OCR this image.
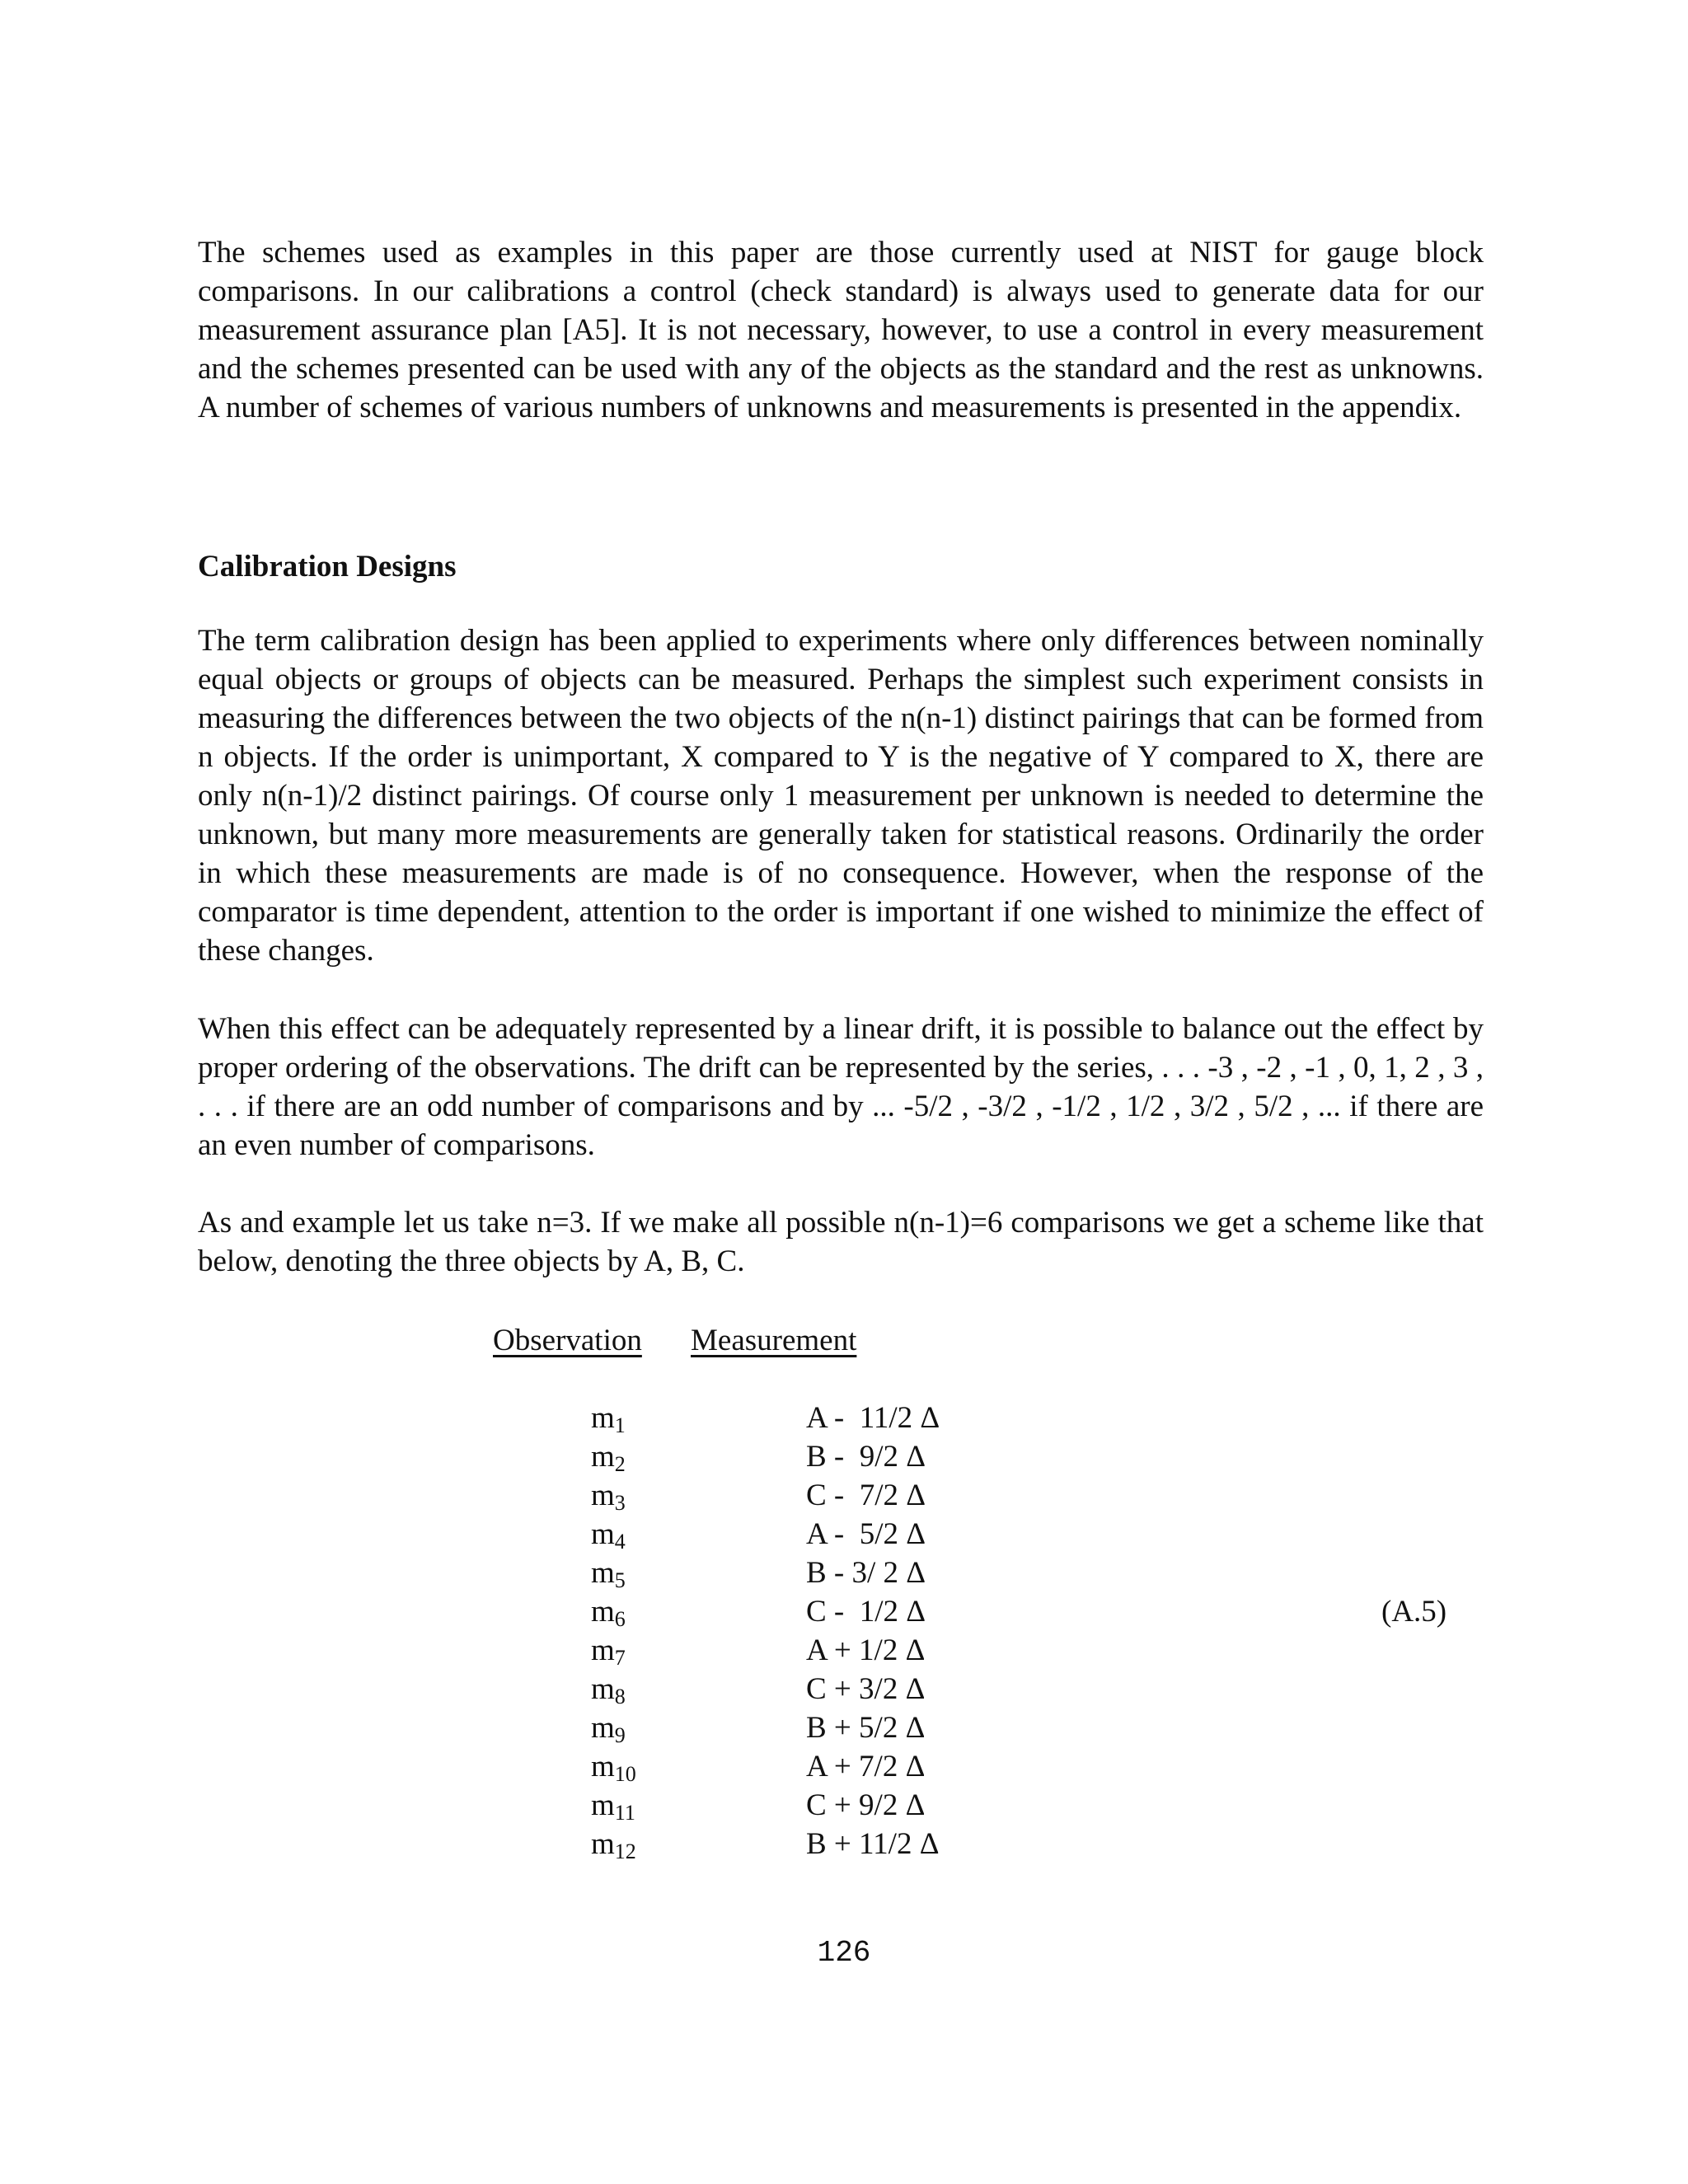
The schemes used as examples in this paper are those currently used at NIST for gauge block comparisons. In our calibrations a control (check standard) is always used to generate data for our measurement assurance plan [A5]. It is not necessary, however, to use a control in every measurement and the schemes presented can be used with any of the objects as the standard and the rest as unknowns. A number of schemes of various numbers of unknowns and measurements is presented in the appendix.

Calibration Designs

The term calibration design has been applied to experiments where only differences between nominally equal objects or groups of objects can be measured. Perhaps the simplest such experiment consists in measuring the differences between the two objects of the n(n-1) distinct pairings that can be formed from n objects. If the order is unimportant, X compared to Y is the negative of Y compared to X, there are only n(n-1)/2 distinct pairings. Of course only 1 measurement per unknown is needed to determine the unknown, but many more measurements are generally taken for statistical reasons. Ordinarily the order in which these measurements are made is of no consequence. However, when the response of the comparator is time dependent, attention to the order is important if one wished to minimize the effect of these changes.

When this effect can be adequately represented by a linear drift, it is possible to balance out the effect by proper ordering of the observations. The drift can be represented by the series, . . . -3 , -2 , -1 , 0, 1, 2 , 3 , . . . if there are an odd number of comparisons and by ... -5/2 , -3/2 , -1/2 , 1/2 , 3/2 , 5/2 , ... if there are an even number of comparisons.

As and example let us take n=3. If we make all possible n(n-1)=6 comparisons we get a scheme like that below, denoting the three objects by A, B, C.

Observation Measurement
$m_1$	A -  11/2 Δ
$m_2$	B -  9/2 Δ
$m_3$	C -  7/2 Δ
$m_4$	A -  5/2 Δ
$m_5$	B - 3/ 2 Δ
$m_6$	C -  1/2 Δ
$m_7$	A + 1/2 Δ
$m_8$	C + 3/2 Δ
$m_9$	B + 5/2 Δ
$m_{10}$	A + 7/2 Δ
$m_{11}$	C + 9/2 Δ
$m_{12}$	B + 11/2 Δ
(A.5)
126
